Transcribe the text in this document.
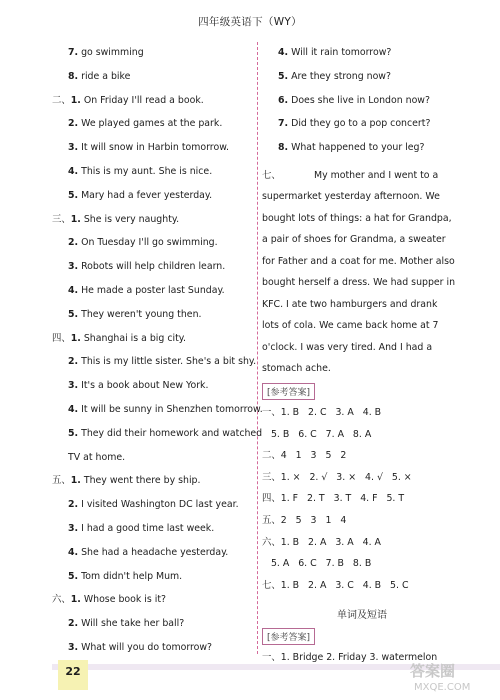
四年级英语下（WY）
7. go swimming
8. ride a bike
二、1. On Friday I'll read a book.
2. We played games at the park.
3. It will snow in Harbin tomorrow.
4. This is my aunt. She is nice.
5. Mary had a fever yesterday.
三、1. She is very naughty.
2. On Tuesday I'll go swimming.
3. Robots will help children learn.
4. He made a poster last Sunday.
5. They weren't young then.
四、1. Shanghai is a big city.
2. This is my little sister. She's a bit shy.
3. It's a book about New York.
4. It will be sunny in Shenzhen tomorrow.
5. They did their homework and watched
TV at home.
五、1. They went there by ship.
2. I visited Washington DC last year.
3. I had a good time last week.
4. She had a headache yesterday.
5. Tom didn't help Mum.
六、1. Whose book is it?
2. Will she take her ball?
3. What will you do tomorrow?
4. Will it rain tomorrow?
5. Are they strong now?
6. Does she live in London now?
7. Did they go to a pop concert?
8. What happened to your leg?
七、	My mother and I went to a
supermarket yesterday afternoon. We
bought lots of things: a hat for Grandpa,
a pair of shoes for Grandma, a sweater
for Father and a coat for me. Mother also
bought herself a dress. We had supper in
KFC. I ate two hamburgers and drank
lots of cola. We came back home at 7
o'clock. I was very tired. And I had a
stomach ache.
[参考答案]
一、1. B   2. C   3. A   4. B
5. B   6. C   7. A   8. A
二、4   1   3   5   2
三、1. ×   2. √   3. ×   4. √   5. ×
四、1. F   2. T   3. T   4. F   5. T
五、2   5   3   1   4
六、1. B   2. A   3. A   4. A
5. A   6. C   7. B   8. B
七、1. B   2. A   3. C   4. B   5. C
单词及短语
[参考答案]
一、1. Bridge 2. Friday 3. watermelon
22	答案圈
MXQE.COM
